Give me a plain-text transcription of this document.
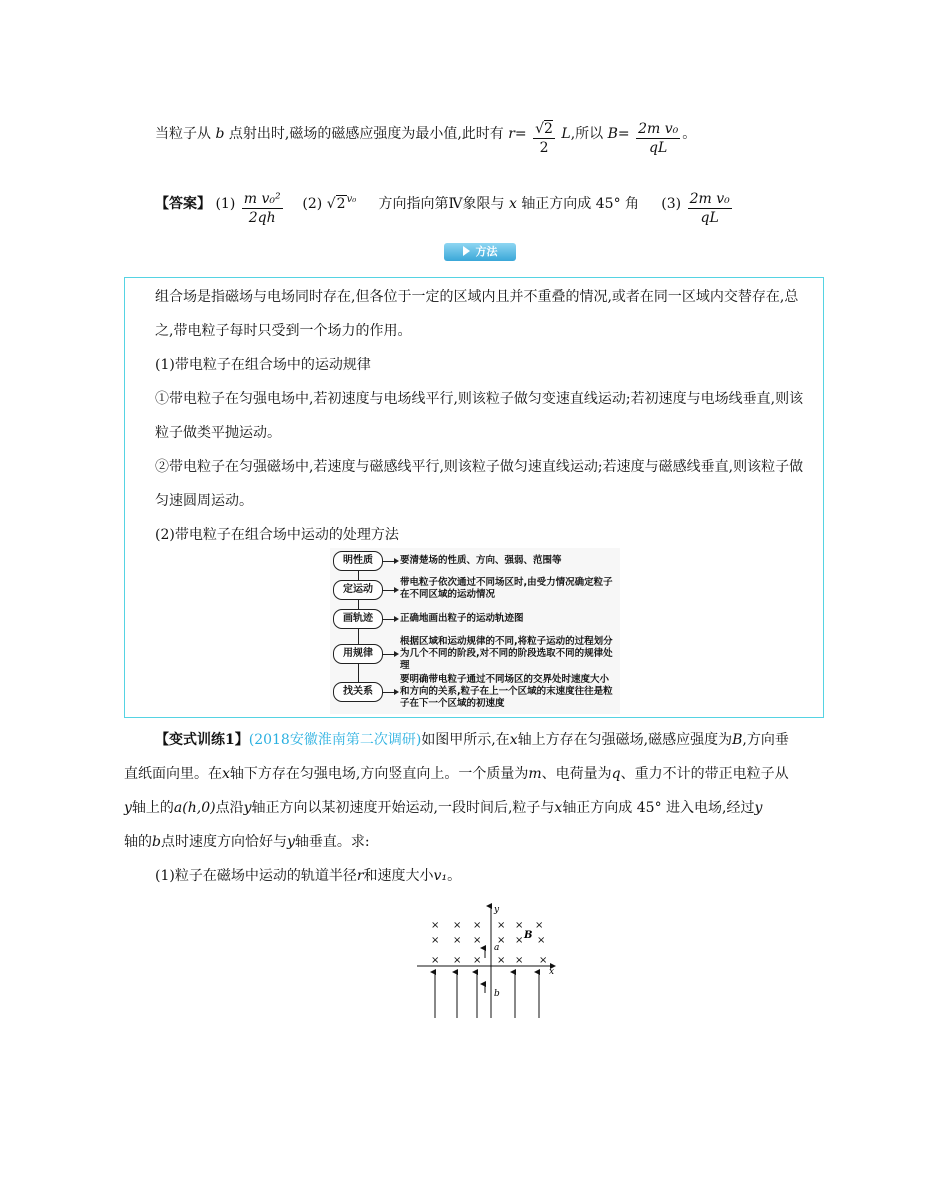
当粒子从 b 点射出时,磁场的磁感应强度为最小值,此时有 $r= \frac{√2}{2} L$,所以 $B= \frac{\text{2m v₀}}{qL}$ 。
【答案】 $(1) \frac{\text{m v₀²}}{2qh} (2)$ $√2^{v_0}$ 方向指向第Ⅳ象限与 x 轴正方向成 45° 角 $(3) \frac{\text{2m v₀}}{qL}$
方法
组合场是指磁场与电场同时存在,但各位于一定的区域内且并不重叠的情况,或者在同一区域内交替存在,总之,带电粒子每时只受到一个场力的作用。
(1)带电粒子在组合场中的运动规律
①带电粒子在匀强电场中,若初速度与电场线平行,则该粒子做匀变速直线运动;若初速度与电场线垂直,则该粒子做类平抛运动。
②带电粒子在匀强磁场中,若速度与磁感线平行,则该粒子做匀速直线运动;若速度与磁感线垂直,则该粒子做匀速圆周运动。
(2)带电粒子在组合场中运动的处理方法
明性质	要清楚场的性质、方向、强弱、范围等
定运动
带电粒子依次通过不同场区时,由受力情况确定粒子在不同区域的运动情况
画轨迹	正确地画出粒子的运动轨迹图
用规律
根据区域和运动规律的不同,将粒子运动的过程划分为几个不同的阶段,对不同的阶段选取不同的规律处理
找关系
要明确带电粒子通过不同场区的交界处时速度大小和方向的关系,粒子在上一个区域的末速度往往是粒子在下一个区域的初速度
【变式训练1】(2018安徽淮南第二次调研)如图甲所示,在x轴上方存在匀强磁场,磁感应强度为B,方向垂
直纸面向里。在x轴下方存在匀强电场,方向竖直向上。一个质量为m、电荷量为q、重力不计的带正电粒子从
y轴上的a(h,0)点沿y轴正方向以某初速度开始运动,一段时间后,粒子与x轴正方向成 45° 进入电场,经过y
轴的b点时速度方向恰好与y轴垂直。求:
(1)粒子在磁场中运动的轨道半径r和速度大小v₁。
y
x
a
b
B
× × × × × ×
× × × × × ×
× × × × × ×
